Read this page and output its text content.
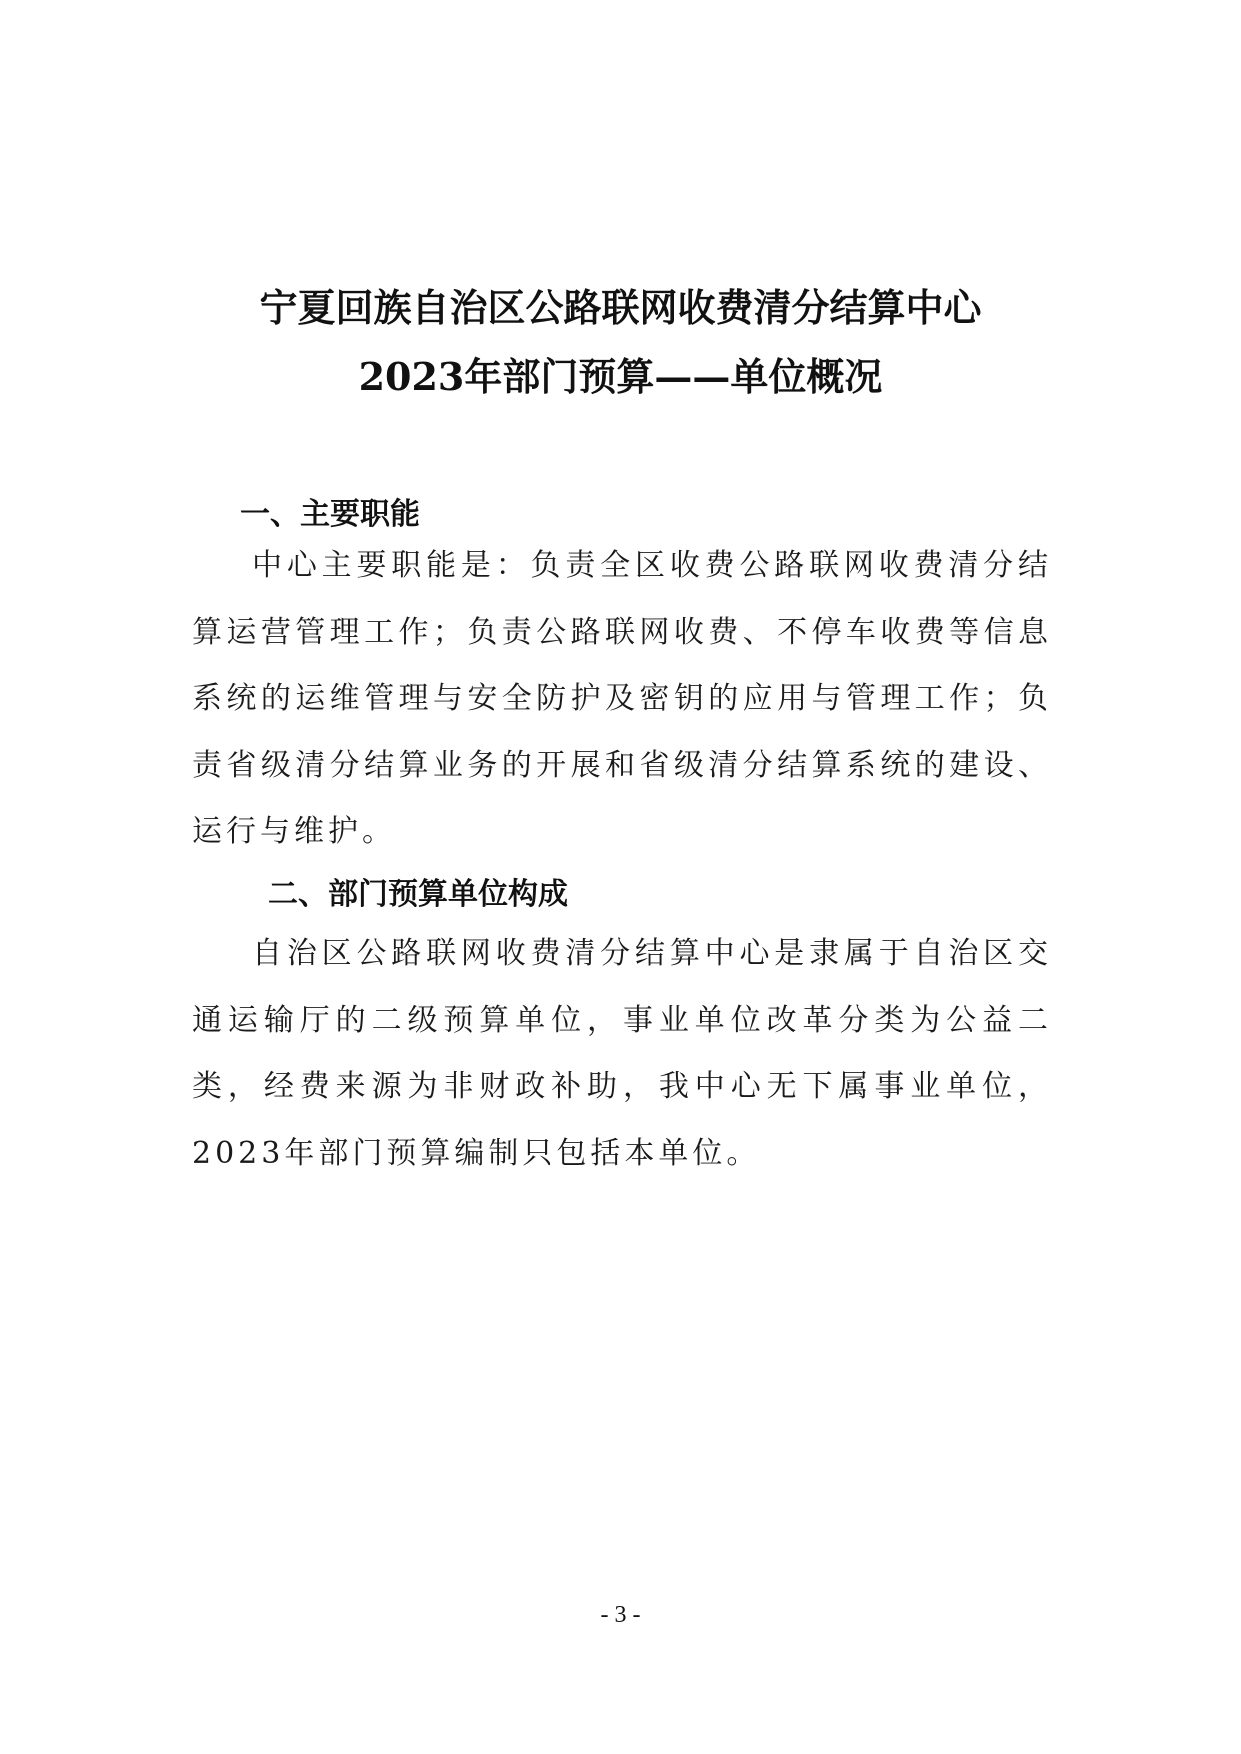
宁夏回族自治区公路联网收费清分结算中心
2023年部门预算——单位概况
一、主要职能

中心主要职能是：负责全区收费公路联网收费清分结算运营管理工作；负责公路联网收费、不停车收费等信息系统的运维管理与安全防护及密钥的应用与管理工作；负责省级清分结算业务的开展和省级清分结算系统的建设、运行与维护。

二、部门预算单位构成

自治区公路联网收费清分结算中心是隶属于自治区交通运输厅的二级预算单位，事业单位改革分类为公益二类，经费来源为非财政补助，我中心无下属事业单位，2023年部门预算编制只包括本单位。

- 3 -
